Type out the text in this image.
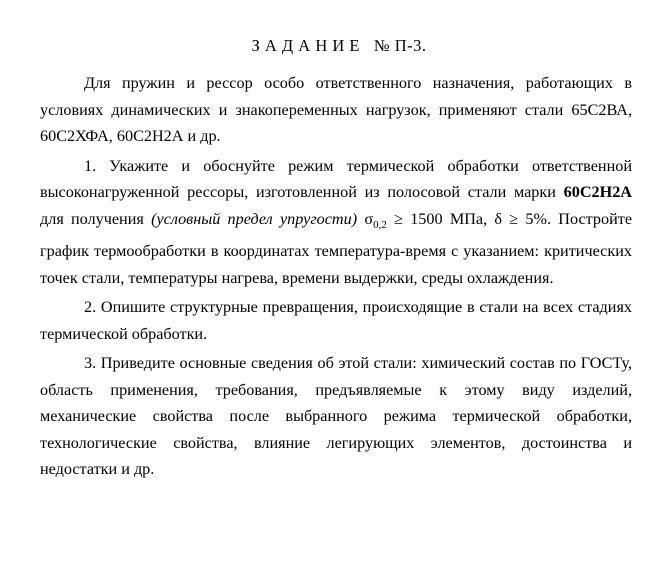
З А Д А Н И Е   № П-3.

Для пружин и рессор особо ответственного назначения, работающих в условиях динамических и знакопеременных нагрузок, применяют стали 65С2ВА, 60С2ХФА, 60С2Н2А и др.

1. Укажите и обоснуйте режим термической обработки ответственной высоконагруженной рессоры, изготовленной из полосовой стали марки 60С2Н2А для получения (условный предел упругости) $\sigma_{0,2} \ge 1500$ МПа, δ ≥ 5%. Постройте график термообработки в координатах температура-время с указанием: критических точек стали, температуры нагрева, времени выдержки, среды охлаждения.

2. Опишите структурные превращения, происходящие в стали на всех стадиях термической обработки.

3. Приведите основные сведения об этой стали: химический состав по ГОСТу, область применения, требования, предъявляемые к этому виду изделий, механические свойства после выбранного режима термической обработки, технологические свойства, влияние легирующих элементов, достоинства и недостатки и др.
